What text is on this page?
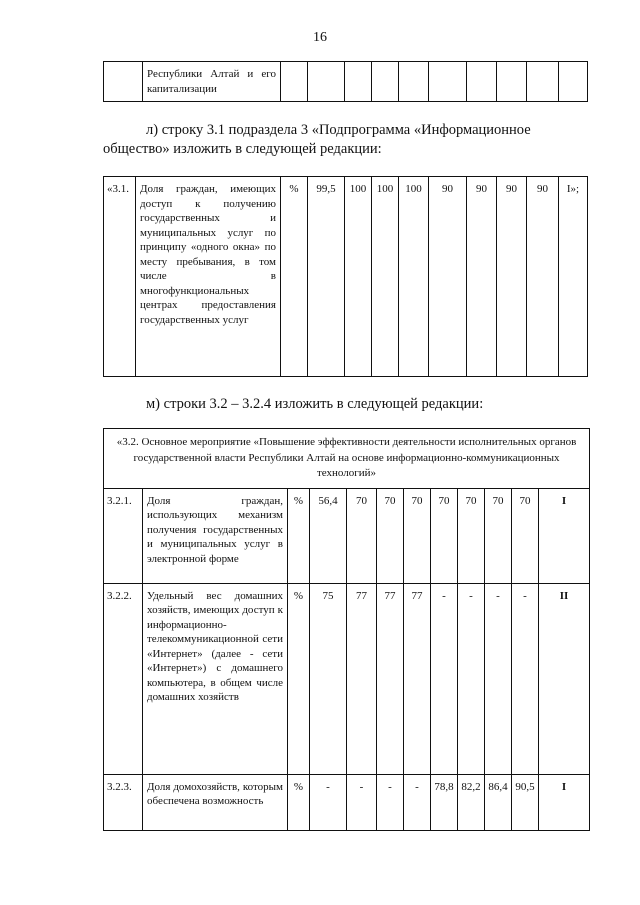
16
	Республики Алтай и его капитализации										
л) строку 3.1 подраздела 3 «Подпрограмма «Информационное
общество» изложить в следующей редакции:
«3.1.	Доля граждан, имеющих доступ к получению государственных и муниципальных услуг по принципу «одного окна» по месту пребывания, в том числе в многофункциональных центрах предоставления государственных услуг	%	99,5	100	100	100	90	90	90	90	I»;
м) строки 3.2 – 3.2.4 изложить в следующей редакции:
«3.2. Основное мероприятие «Повышение эффективности деятельности исполнительных органов государственной власти Республики Алтай на основе информационно-коммуникационных технологий»											
3.2.1.	Доля граждан, использующих механизм получения государственных и муниципальных услуг в электронной форме	%	56,4	70	70	70	70	70	70	70	I
3.2.2.	Удельный вес домашних хозяйств, имеющих доступ к информационно-телекоммуникационной сети «Интернет» (далее - сети «Интернет») с домашнего компьютера, в общем числе домашних хозяйств	%	75	77	77	77	-	-	-	-	II
3.2.3.	Доля домохозяйств, которым обеспечена возможность	%	-	-	-	-	78,8	82,2	86,4	90,5	I
